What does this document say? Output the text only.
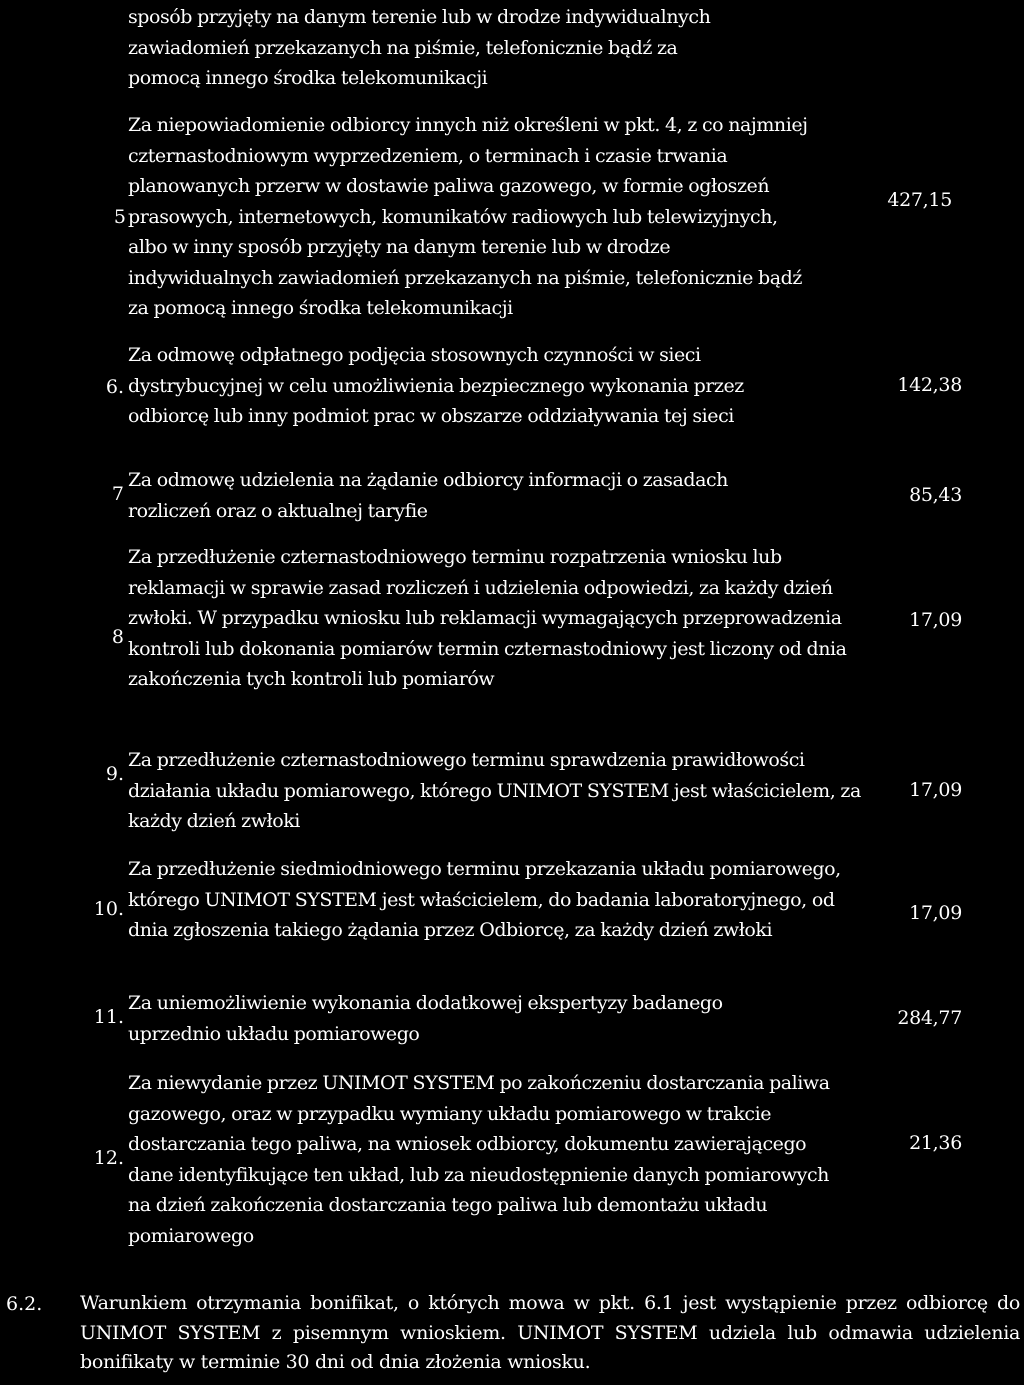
sposób przyjęty na danym terenie lub w drodze indywidualnych zawiadomień przekazanych na piśmie, telefonicznie bądź za pomocą innego środka telekomunikacji
5
Za niepowiadomienie odbiorcy innych niż określeni w pkt. 4, z co najmniej czternastodniowym wyprzedzeniem, o terminach i czasie trwania planowanych przerw w dostawie paliwa gazowego, w formie ogłoszeń prasowych, internetowych, komunikatów radiowych lub telewizyjnych, albo w inny sposób przyjęty na danym terenie lub w drodze indywidualnych zawiadomień przekazanych na piśmie, telefonicznie bądź za pomocą innego środka telekomunikacji
427,15
6.
Za odmowę odpłatnego podjęcia stosownych czynności w sieci dystrybucyjnej w celu umożliwienia bezpiecznego wykonania przez odbiorcę lub inny podmiot prac w obszarze oddziaływania tej sieci
142,38
7
Za odmowę udzielenia na żądanie odbiorcy informacji o zasadach rozliczeń oraz o aktualnej taryfie
85,43
8
Za przedłużenie czternastodniowego terminu rozpatrzenia wniosku lub reklamacji w sprawie zasad rozliczeń i udzielenia odpowiedzi, za każdy dzień zwłoki. W przypadku wniosku lub reklamacji wymagających przeprowadzenia kontroli lub dokonania pomiarów termin czternastodniowy jest liczony od dnia zakończenia tych kontroli lub pomiarów
17,09
9.
Za przedłużenie czternastodniowego terminu sprawdzenia prawidłowości działania układu pomiarowego, którego UNIMOT SYSTEM jest właścicielem, za każdy dzień zwłoki
17,09
10.
Za przedłużenie siedmiodniowego terminu przekazania układu pomiarowego, którego UNIMOT SYSTEM jest właścicielem, do badania laboratoryjnego, od dnia zgłoszenia takiego żądania przez Odbiorcę, za każdy dzień zwłoki
17,09
11.
Za uniemożliwienie wykonania dodatkowej ekspertyzy badanego uprzednio układu pomiarowego
284,77
12.
Za niewydanie przez UNIMOT SYSTEM po zakończeniu dostarczania paliwa gazowego, oraz w przypadku wymiany układu pomiarowego w trakcie dostarczania tego paliwa, na wniosek odbiorcy, dokumentu zawierającego dane identyfikujące ten układ, lub za nieudostępnienie danych pomiarowych na dzień zakończenia dostarczania tego paliwa lub demontażu układu pomiarowego
21,36
6.2. Warunkiem otrzymania bonifikat, o których mowa w pkt. 6.1 jest wystąpienie przez odbiorcę do UNIMOT SYSTEM z pisemnym wnioskiem. UNIMOT SYSTEM udziela lub odmawia udzielenia bonifikaty w terminie 30 dni od dnia złożenia wniosku.
